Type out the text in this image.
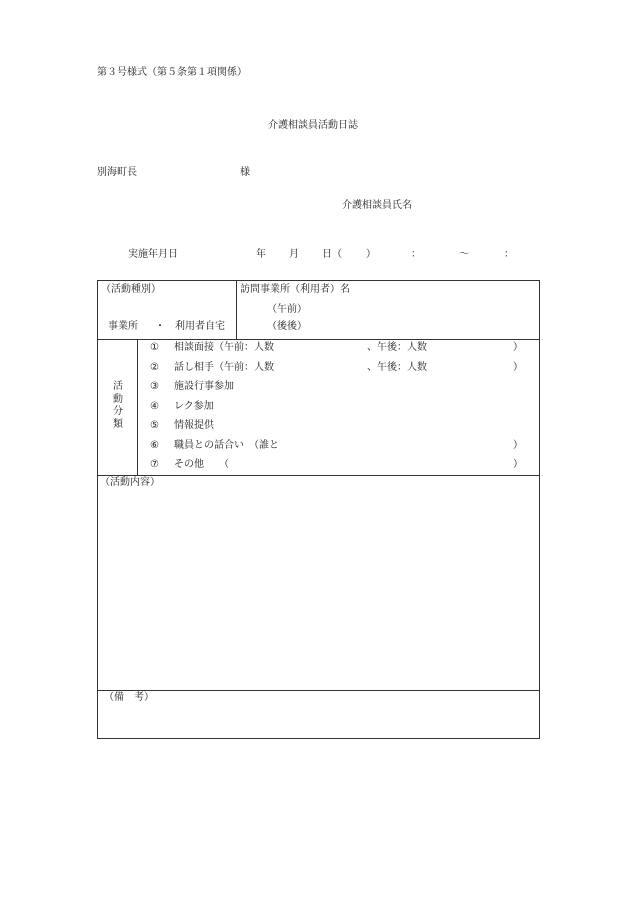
第３号様式（第５条第１項関係）
介護相談員活動日誌
別海町長	様
介護相談員氏名
実施年月日	年 月 日（ ）	：	〜	：
（活動種別）
事業所 ・ 利用者自宅
訪問事業所（利用者）名
（午前）
（後後）
活
動
分
類
① 相談面接（午前：人数	、午後：人数	）
② 話し相手（午前：人数	、午後：人数	）
③ 施設行事参加
④ レク参加
⑤ 情報提供
⑥ 職員との話合い　（誰と	）
⑦ その他　　（	）
（活動内容）
（備　考）
